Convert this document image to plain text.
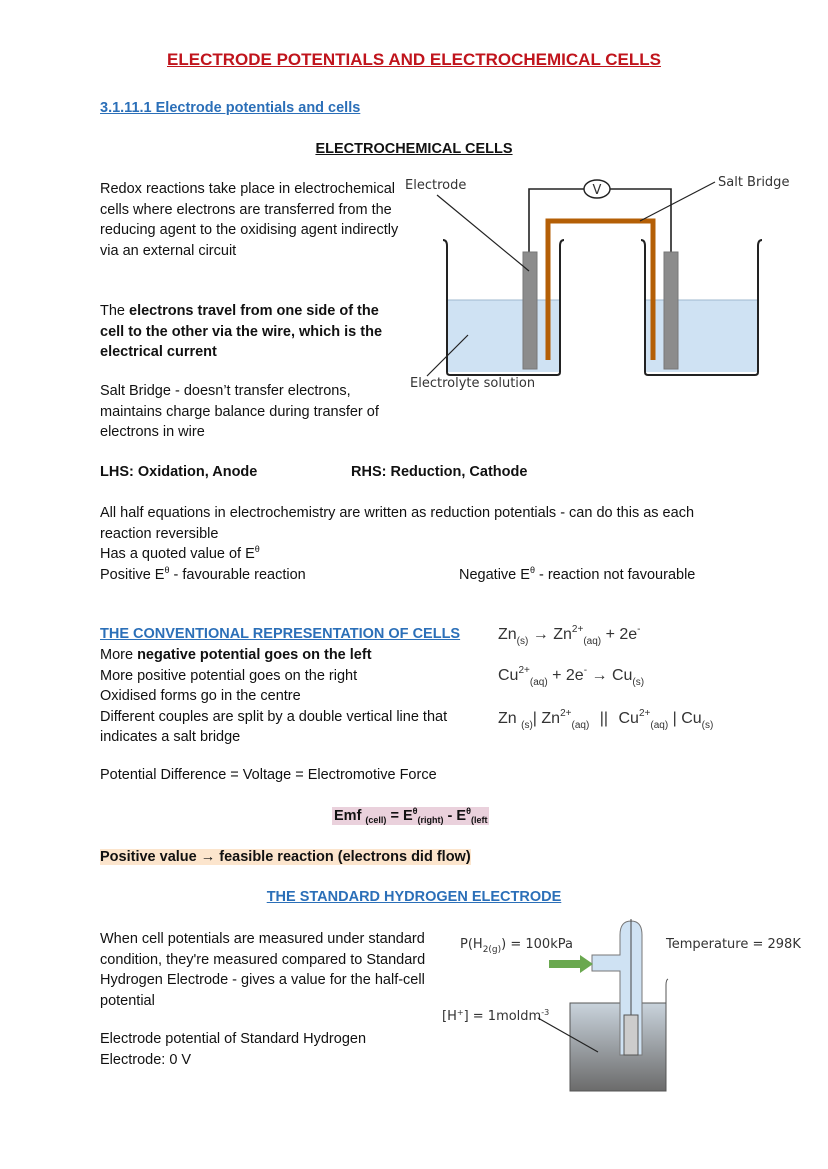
ELECTRODE POTENTIALS AND ELECTROCHEMICAL CELLS
3.1.11.1 Electrode potentials and cells
ELECTROCHEMICAL CELLS
Redox reactions take place in electrochemical cells where electrons are transferred from the reducing agent to the oxidising agent indirectly via an external circuit
The electrons travel from one side of the cell to the other via the wire, which is the electrical current
Salt Bridge - doesn’t transfer electrons, maintains charge balance during transfer of electrons in wire
V
Electrode	Salt Bridge
Electrolyte solution
LHS: Oxidation, Anode	RHS: Reduction, Cathode
All half equations in electrochemistry are written as reduction potentials - can do this as each reaction reversible
Has a quoted value of $E^\theta$
Positive $E^\theta$ - favourable reaction	Negative $E^\theta$ - reaction not favourable
THE CONVENTIONAL REPRESENTATION OF CELLS

More negative potential goes on the left

More positive potential goes on the right

Oxidised forms go in the centre

Different couples are split by a double vertical line that indicates a salt bridge

$Zn_{(s)} \to Zn^{2+}_{(aq)} + 2e^-$
$Cu^{2+}_{(aq)} + 2e^- \to Cu_{(s)}$
Zn $_{(s)}$| $Zn^{2+}_{(aq)}$ || $Cu^{2+}_{(aq)}$ | $Cu_{(s)}$
Potential Difference = Voltage = Electromotive Force
Emf $_{(cell)} = E^\theta_{(right)} - E^\theta_{(left}$
Positive value → feasible reaction (electrons did flow)
THE STANDARD HYDROGEN ELECTRODE
When cell potentials are measured under standard condition, they're measured compared to Standard Hydrogen Electrode - gives a value for the half-cell potential
Electrode potential of Standard Hydrogen Electrode: 0 V
$P(H_{2(g)}) = 100kPa$	Temperature = 298K
[H+] = 1moldm$^{-3}$
